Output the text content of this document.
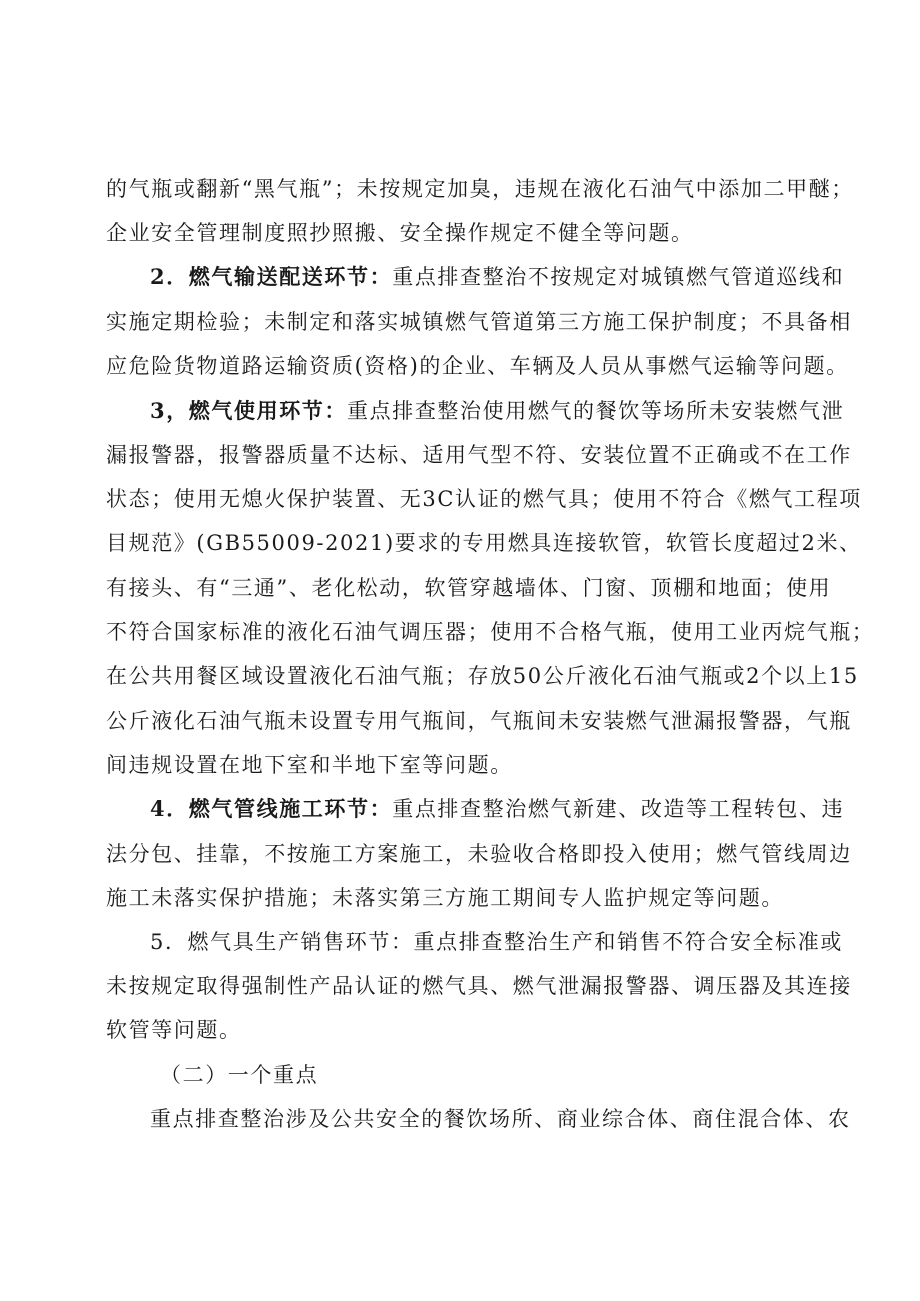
的气瓶或翻新“黑气瓶”；未按规定加臭，违规在液化石油气中添加二甲醚；
企业安全管理制度照抄照搬、安全操作规定不健全等问题。
2．燃气输送配送环节：重点排查整治不按规定对城镇燃气管道巡线和
实施定期检验；未制定和落实城镇燃气管道第三方施工保护制度；不具备相
应危险货物道路运输资质(资格)的企业、车辆及人员从事燃气运输等问题。
3，燃气使用环节：重点排查整治使用燃气的餐饮等场所未安装燃气泄
漏报警器，报警器质量不达标、适用气型不符、安装位置不正确或不在工作
状态；使用无熄火保护装置、无3C认证的燃气具；使用不符合《燃气工程项
目规范》(GB55009-2021)要求的专用燃具连接软管，软管长度超过2米、
有接头、有“三通”、老化松动，软管穿越墙体、门窗、顶棚和地面；使用
不符合国家标准的液化石油气调压器；使用不合格气瓶，使用工业丙烷气瓶；
在公共用餐区域设置液化石油气瓶；存放50公斤液化石油气瓶或2个以上15
公斤液化石油气瓶未设置专用气瓶间，气瓶间未安装燃气泄漏报警器，气瓶
间违规设置在地下室和半地下室等问题。
4．燃气管线施工环节：重点排查整治燃气新建、改造等工程转包、违
法分包、挂靠，不按施工方案施工，未验收合格即投入使用；燃气管线周边
施工未落实保护措施；未落实第三方施工期间专人监护规定等问题。
5．燃气具生产销售环节：重点排查整治生产和销售不符合安全标准或
未按规定取得强制性产品认证的燃气具、燃气泄漏报警器、调压器及其连接
软管等问题。
（二）一个重点
重点排查整治涉及公共安全的餐饮场所、商业综合体、商住混合体、农
